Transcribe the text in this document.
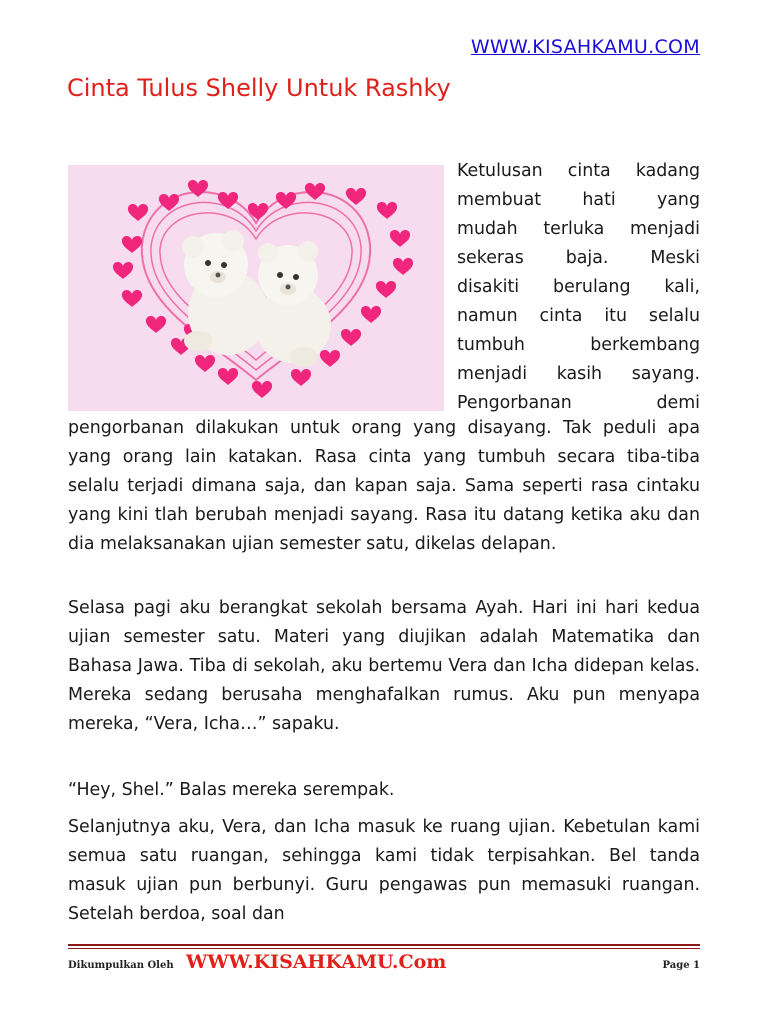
WWW.KISAHKAMU.COM
Cinta Tulus Shelly Untuk Rashky
Ketulusan cinta kadang
membuat hati yang
mudah terluka menjadi
sekeras baja. Meski
disakiti berulang kali,
namun cinta itu selalu
tumbuh berkembang
menjadi kasih sayang.
Pengorbanan demi

pengorbanan dilakukan untuk orang yang disayang. Tak peduli apa yang orang lain katakan. Rasa cinta yang tumbuh secara tiba-tiba selalu terjadi dimana saja, dan kapan saja. Sama seperti rasa cintaku yang kini tlah berubah menjadi sayang. Rasa itu datang ketika aku dan dia melaksanakan ujian semester satu, dikelas delapan.

Selasa pagi aku berangkat sekolah bersama Ayah. Hari ini hari kedua ujian semester satu. Materi yang diujikan adalah Matematika dan Bahasa Jawa. Tiba di sekolah, aku bertemu Vera dan Icha didepan kelas. Mereka sedang berusaha menghafalkan rumus. Aku pun menyapa mereka, “Vera, Icha…” sapaku.

“Hey, Shel.” Balas mereka serempak.

Selanjutnya aku, Vera, dan Icha masuk ke ruang ujian. Kebetulan kami semua satu ruangan, sehingga kami tidak terpisahkan. Bel tanda masuk ujian pun berbunyi. Guru pengawas pun memasuki ruangan. Setelah berdoa, soal dan

Dikumpulkan Oleh WWW.KISAHKAMU.Com	Page 1
